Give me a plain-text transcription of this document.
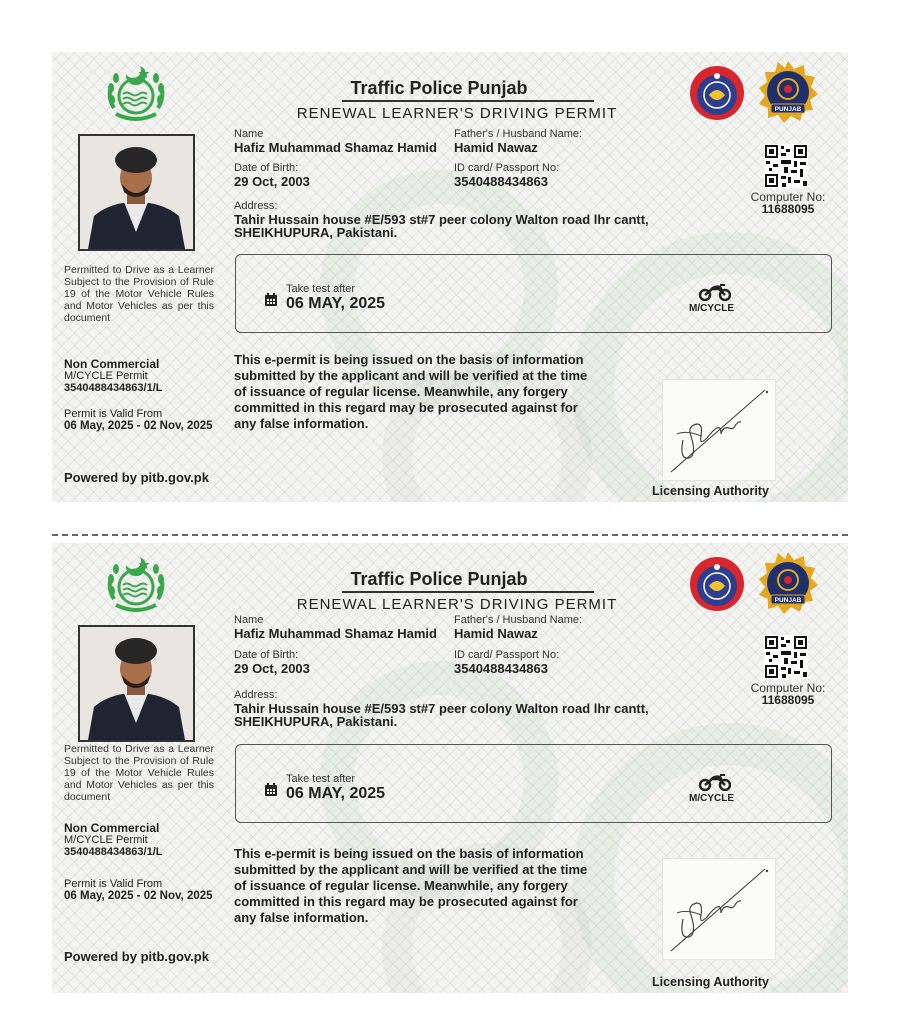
Traffic Police Punjab
RENEWAL LEARNER'S DRIVING PERMIT	PUNJAB
Name
Hafiz Muhammad Shamaz Hamid
Father's / Husband Name:
Hamid Nawaz
Date of Birth:
29 Oct, 2003
ID card/ Passport No:
3540488434863
Address:
Tahir Hussain house #E/593 st#7 peer colony Walton road lhr cantt,
SHEIKHUPURA, Pakistani.
Computer No:
11688095
Permitted to Drive as a Learner Subject to the Provision of Rule 19 of the Motor Vehicle Rules and Motor Vehicles as per this document
Non Commercial
M/CYCLE Permit
3540488434863/1/L
Permit is Valid From
06 May, 2025 - 02 Nov, 2025
Powered by pitb.gov.pk
Take test after
06 MAY, 2025	M/CYCLE
This e-permit is being issued on the basis of information submitted by the applicant and will be verified at the time of issuance of regular license. Meanwhile, any forgery committed in this regard may be prosecuted against for any false information.
Licensing Authority
Traffic Police Punjab
RENEWAL LEARNER'S DRIVING PERMIT	PUNJAB
Name
Hafiz Muhammad Shamaz Hamid
Father's / Husband Name:
Hamid Nawaz
Date of Birth:
29 Oct, 2003
ID card/ Passport No:
3540488434863
Address:
Tahir Hussain house #E/593 st#7 peer colony Walton road lhr cantt,
SHEIKHUPURA, Pakistani.
Computer No:
11688095
Permitted to Drive as a Learner Subject to the Provision of Rule 19 of the Motor Vehicle Rules and Motor Vehicles as per this document
Non Commercial
M/CYCLE Permit
3540488434863/1/L
Permit is Valid From
06 May, 2025 - 02 Nov, 2025
Powered by pitb.gov.pk
Take test after
06 MAY, 2025	M/CYCLE
This e-permit is being issued on the basis of information submitted by the applicant and will be verified at the time of issuance of regular license. Meanwhile, any forgery committed in this regard may be prosecuted against for any false information.
Licensing Authority
